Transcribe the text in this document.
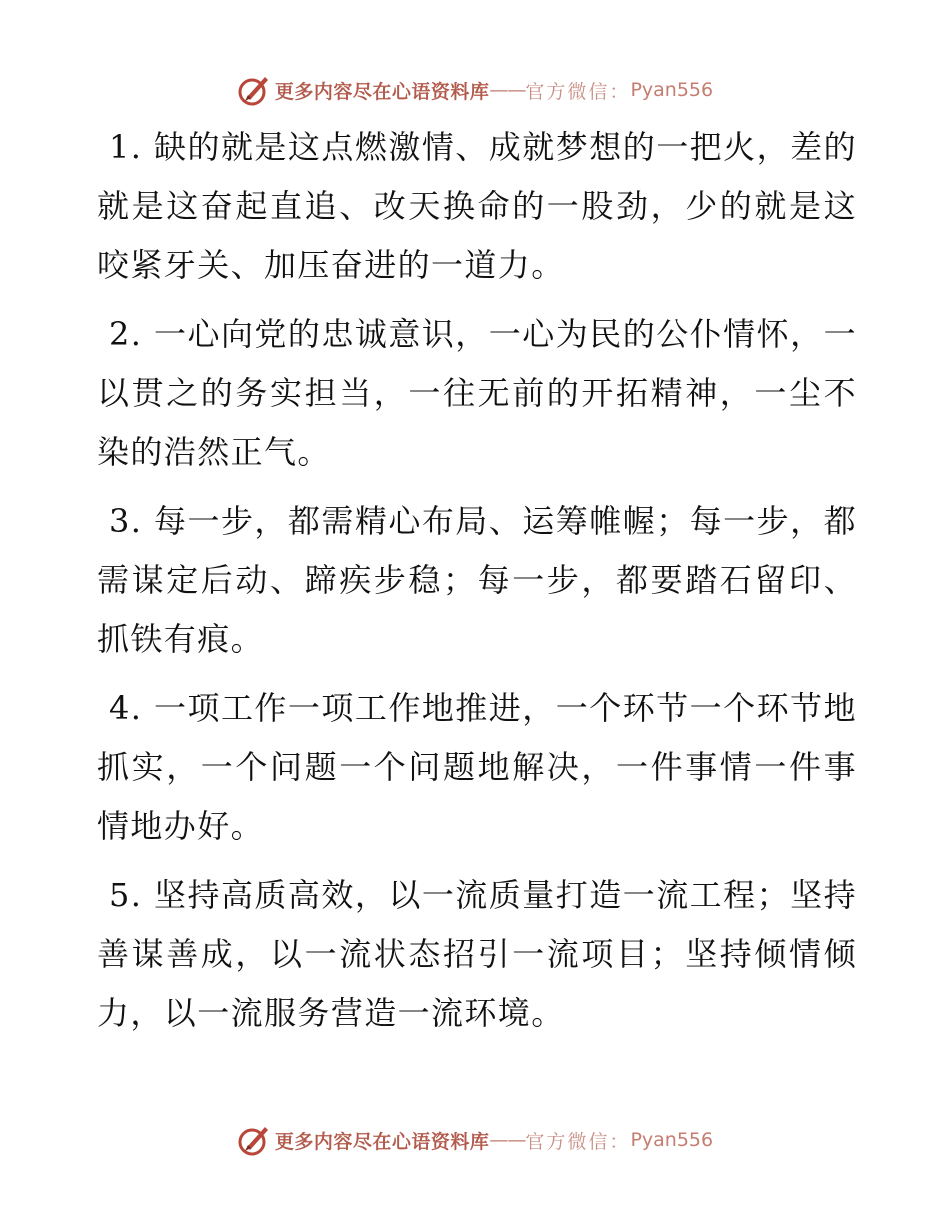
更多内容尽在心语资料库 —— 官方微信： Pyan556

1. 缺的就是这点燃激情、成就梦想的一把火，差的就是这奋起直追、改天换命的一股劲，少的就是这咬紧牙关、加压奋进的一道力。

2. 一心向党的忠诚意识，一心为民的公仆情怀，一以贯之的务实担当，一往无前的开拓精神，一尘不染的浩然正气。

3. 每一步，都需精心布局、运筹帷幄；每一步，都需谋定后动、蹄疾步稳；每一步，都要踏石留印、抓铁有痕。

4. 一项工作一项工作地推进，一个环节一个环节地抓实，一个问题一个问题地解决，一件事情一件事情地办好。

5. 坚持高质高效，以一流质量打造一流工程；坚持善谋善成，以一流状态招引一流项目；坚持倾情倾力，以一流服务营造一流环境。

更多内容尽在心语资料库 —— 官方微信： Pyan556
